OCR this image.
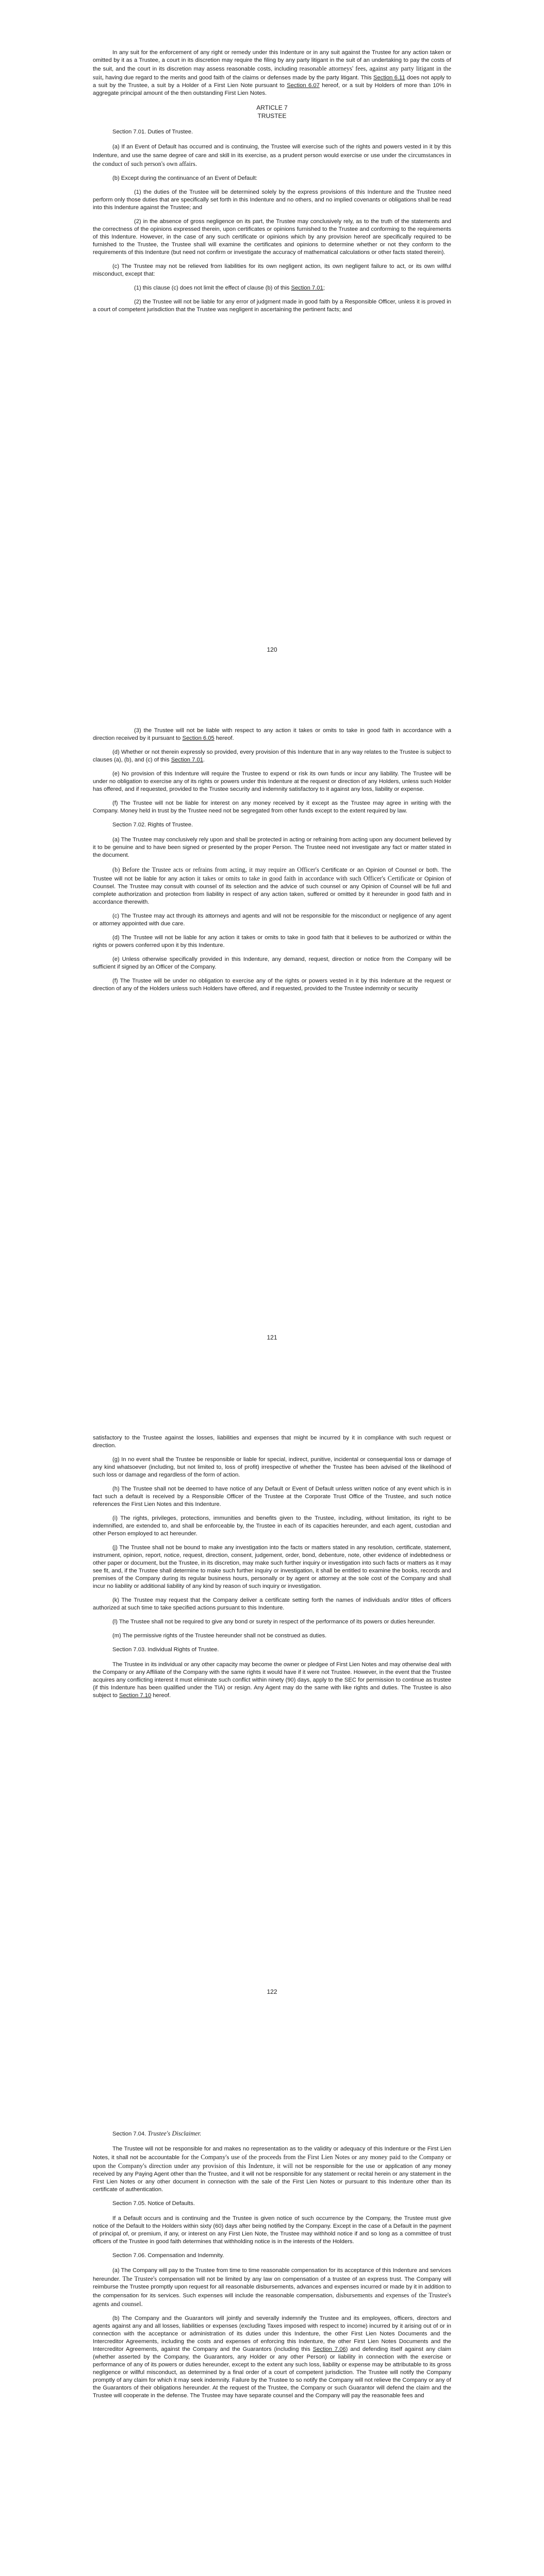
In any suit for the enforcement of any right or remedy under this Indenture or in any suit against the Trustee for any action taken or omitted by it as a Trustee, a court in its discretion may require the filing by any party litigant in the suit of an undertaking to pay the costs of the suit, and the court in its discretion may assess reasonable costs, including reasonable attorneys' fees, against any party litigant in the suit, having due regard to the merits and good faith of the claims or defenses made by the party litigant. This Section 6.11 does not apply to a suit by the Trustee, a suit by a Holder of a First Lien Note pursuant to Section 6.07 hereof, or a suit by Holders of more than 10% in aggregate principal amount of the then outstanding First Lien Notes.

ARTICLE 7

TRUSTEE

Section 7.01. Duties of Trustee.

(a) If an Event of Default has occurred and is continuing, the Trustee will exercise such of the rights and powers vested in it by this Indenture, and use the same degree of care and skill in its exercise, as a prudent person would exercise or use under the circumstances in the conduct of such person's own affairs.

(b) Except during the continuance of an Event of Default:

(1) the duties of the Trustee will be determined solely by the express provisions of this Indenture and the Trustee need perform only those duties that are specifically set forth in this Indenture and no others, and no implied covenants or obligations shall be read into this Indenture against the Trustee; and

(2) in the absence of gross negligence on its part, the Trustee may conclusively rely, as to the truth of the statements and the correctness of the opinions expressed therein, upon certificates or opinions furnished to the Trustee and conforming to the requirements of this Indenture. However, in the case of any such certificate or opinions which by any provision hereof are specifically required to be furnished to the Trustee, the Trustee shall will examine the certificates and opinions to determine whether or not they conform to the requirements of this Indenture (but need not confirm or investigate the accuracy of mathematical calculations or other facts stated therein).

(c) The Trustee may not be relieved from liabilities for its own negligent action, its own negligent failure to act, or its own willful misconduct, except that:

(1) this clause (c) does not limit the effect of clause (b) of this Section 7.01;

(2) the Trustee will not be liable for any error of judgment made in good faith by a Responsible Officer, unless it is proved in a court of competent jurisdiction that the Trustee was negligent in ascertaining the pertinent facts; and

120

(3) the Trustee will not be liable with respect to any action it takes or omits to take in good faith in accordance with a direction received by it pursuant to Section 6.05 hereof.

(d) Whether or not therein expressly so provided, every provision of this Indenture that in any way relates to the Trustee is subject to clauses (a), (b), and (c) of this Section 7.01.

(e) No provision of this Indenture will require the Trustee to expend or risk its own funds or incur any liability. The Trustee will be under no obligation to exercise any of its rights or powers under this Indenture at the request or direction of any Holders, unless such Holder has offered, and if requested, provided to the Trustee security and indemnity satisfactory to it against any loss, liability or expense.

(f) The Trustee will not be liable for interest on any money received by it except as the Trustee may agree in writing with the Company. Money held in trust by the Trustee need not be segregated from other funds except to the extent required by law.

Section 7.02. Rights of Trustee.

(a) The Trustee may conclusively rely upon and shall be protected in acting or refraining from acting upon any document believed by it to be genuine and to have been signed or presented by the proper Person. The Trustee need not investigate any fact or matter stated in the document.

(b) Before the Trustee acts or refrains from acting, it may require an Officer's Certificate or an Opinion of Counsel or both. The Trustee will not be liable for any action it takes or omits to take in good faith in accordance with such Officer's Certificate or Opinion of Counsel. The Trustee may consult with counsel of its selection and the advice of such counsel or any Opinion of Counsel will be full and complete authorization and protection from liability in respect of any action taken, suffered or omitted by it hereunder in good faith and in accordance therewith.

(c) The Trustee may act through its attorneys and agents and will not be responsible for the misconduct or negligence of any agent or attorney appointed with due care.

(d) The Trustee will not be liable for any action it takes or omits to take in good faith that it believes to be authorized or within the rights or powers conferred upon it by this Indenture.

(e) Unless otherwise specifically provided in this Indenture, any demand, request, direction or notice from the Company will be sufficient if signed by an Officer of the Company.

(f) The Trustee will be under no obligation to exercise any of the rights or powers vested in it by this Indenture at the request or direction of any of the Holders unless such Holders have offered, and if requested, provided to the Trustee indemnity or security

121

satisfactory to the Trustee against the losses, liabilities and expenses that might be incurred by it in compliance with such request or direction.

(g) In no event shall the Trustee be responsible or liable for special, indirect, punitive, incidental or consequential loss or damage of any kind whatsoever (including, but not limited to, loss of profit) irrespective of whether the Trustee has been advised of the likelihood of such loss or damage and regardless of the form of action.

(h) The Trustee shall not be deemed to have notice of any Default or Event of Default unless written notice of any event which is in fact such a default is received by a Responsible Officer of the Trustee at the Corporate Trust Office of the Trustee, and such notice references the First Lien Notes and this Indenture.

(i) The rights, privileges, protections, immunities and benefits given to the Trustee, including, without limitation, its right to be indemnified, are extended to, and shall be enforceable by, the Trustee in each of its capacities hereunder, and each agent, custodian and other Person employed to act hereunder.

(j) The Trustee shall not be bound to make any investigation into the facts or matters stated in any resolution, certificate, statement, instrument, opinion, report, notice, request, direction, consent, judgement, order, bond, debenture, note, other evidence of indebtedness or other paper or document, but the Trustee, in its discretion, may make such further inquiry or investigation into such facts or matters as it may see fit, and, if the Trustee shall determine to make such further inquiry or investigation, it shall be entitled to examine the books, records and premises of the Company during its regular business hours, personally or by agent or attorney at the sole cost of the Company and shall incur no liability or additional liability of any kind by reason of such inquiry or investigation.

(k) The Trustee may request that the Company deliver a certificate setting forth the names of individuals and/or titles of officers authorized at such time to take specified actions pursuant to this Indenture.

(l) The Trustee shall not be required to give any bond or surety in respect of the performance of its powers or duties hereunder.

(m) The permissive rights of the Trustee hereunder shall not be construed as duties.

Section 7.03. Individual Rights of Trustee.

The Trustee in its individual or any other capacity may become the owner or pledgee of First Lien Notes and may otherwise deal with the Company or any Affiliate of the Company with the same rights it would have if it were not Trustee. However, in the event that the Trustee acquires any conflicting interest it must eliminate such conflict within ninety (90) days, apply to the SEC for permission to continue as trustee (if this Indenture has been qualified under the TIA) or resign. Any Agent may do the same with like rights and duties. The Trustee is also subject to Section 7.10 hereof.

122

Section 7.04. Trustee's Disclaimer.

The Trustee will not be responsible for and makes no representation as to the validity or adequacy of this Indenture or the First Lien Notes, it shall not be accountable for the Company's use of the proceeds from the First Lien Notes or any money paid to the Company or upon the Company's direction under any provision of this Indenture, it will not be responsible for the use or application of any money received by any Paying Agent other than the Trustee, and it will not be responsible for any statement or recital herein or any statement in the First Lien Notes or any other document in connection with the sale of the First Lien Notes or pursuant to this Indenture other than its certificate of authentication.

Section 7.05. Notice of Defaults.

If a Default occurs and is continuing and the Trustee is given notice of such occurrence by the Company, the Trustee must give notice of the Default to the Holders within sixty (60) days after being notified by the Company. Except in the case of a Default in the payment of principal of, or premium, if any, or interest on any First Lien Note, the Trustee may withhold notice if and so long as a committee of trust officers of the Trustee in good faith determines that withholding notice is in the interests of the Holders.

Section 7.06. Compensation and Indemnity.

(a) The Company will pay to the Trustee from time to time reasonable compensation for its acceptance of this Indenture and services hereunder. The Trustee's compensation will not be limited by any law on compensation of a trustee of an express trust. The Company will reimburse the Trustee promptly upon request for all reasonable disbursements, advances and expenses incurred or made by it in addition to the compensation for its services. Such expenses will include the reasonable compensation, disbursements and expenses of the Trustee's agents and counsel.

(b) The Company and the Guarantors will jointly and severally indemnify the Trustee and its employees, officers, directors and agents against any and all losses, liabilities or expenses (excluding Taxes imposed with respect to income) incurred by it arising out of or in connection with the acceptance or administration of its duties under this Indenture, the other First Lien Notes Documents and the Intercreditor Agreements, including the costs and expenses of enforcing this Indenture, the other First Lien Notes Documents and the Intercreditor Agreements, against the Company and the Guarantors (including this Section 7.06) and defending itself against any claim (whether asserted by the Company, the Guarantors, any Holder or any other Person) or liability in connection with the exercise or performance of any of its powers or duties hereunder, except to the extent any such loss, liability or expense may be attributable to its gross negligence or willful misconduct, as determined by a final order of a court of competent jurisdiction. The Trustee will notify the Company promptly of any claim for which it may seek indemnity. Failure by the Trustee to so notify the Company will not relieve the Company or any of the Guarantors of their obligations hereunder. At the request of the Trustee, the Company or such Guarantor will defend the claim and the Trustee will cooperate in the defense. The Trustee may have separate counsel and the Company will pay the reasonable fees and
